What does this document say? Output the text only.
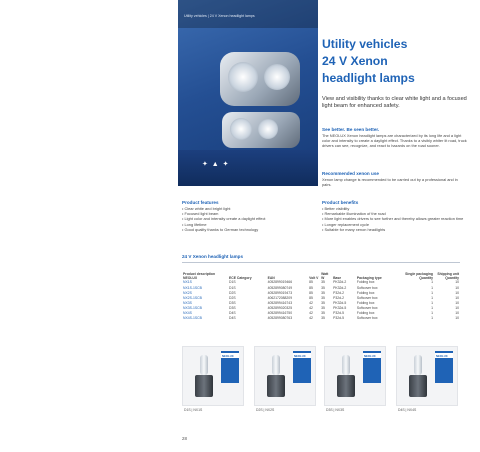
Utility vehicles | 24 V Xenon headlight lamps
✦ ▲ ✦
Utility vehicles
24 V Xenon
headlight lamps
View and visibility thanks to clear white light and a focused light beam for enhanced safety.
See better. Be seen better.
The NEOLUX Xenon headlight lamps are characterized by its long life and a light color and intensity to create a daylight effect. Thanks to a visibly whiter lit road, truck drivers can see, recognize, and react to hazards on the road sooner.
Recommended xenon use
Xenon lamp change is recommended to be carried out by a professional and in pairs.
Product features
• Clear white and bright light
• Focused light beam
• Light color and intensity create a daylight effect
• Long lifetime
• Good quality thanks to German technology
Product benefits
• Better visibility
• Remarkable illumination of the road
• More light enables drivers to see further and thereby allows greater reaction time
• Longer replacement cycle
• Suitable for many xenon headlights
24 V Xenon headlight lamps
Product description NEOLUX	ECE Category	EAN	Volt V	Watt W	Base	Packaging type	Single packaging Quantity	Shipping unit Quantity
NX1S	D1S	4052899019466	85	35	PK32d-2	Folding box	1	10
NX1S-1SCB	D1S	4052899080749	85	35	PK32d-2	Softcover box	1	10
NX2S	D2S	4052899019473	85	35	P32d-2	Folding box	1	10
NX2S-1SCB	D2S	4062172088209	85	35	P32d-2	Softcover box	1	10
NX3S	D3S	4052899416743	42	35	PK32d-5	Folding box	1	10
NX3S-1SCB	D3S	4052899020325	42	35	PK32d-5	Softcover box	1	10
NX4S	D4S	4052899416750	42	35	P32d-5	Folding box	1	10
NX4S-1SCB	D4S	4052899080763	42	35	P32d-5	Softcover box	1	10
NEOLUX
D1S | NX1S
NEOLUX
D2S | NX2S
NEOLUX
D3S | NX3S
NEOLUX
D4S | NX4S
28
